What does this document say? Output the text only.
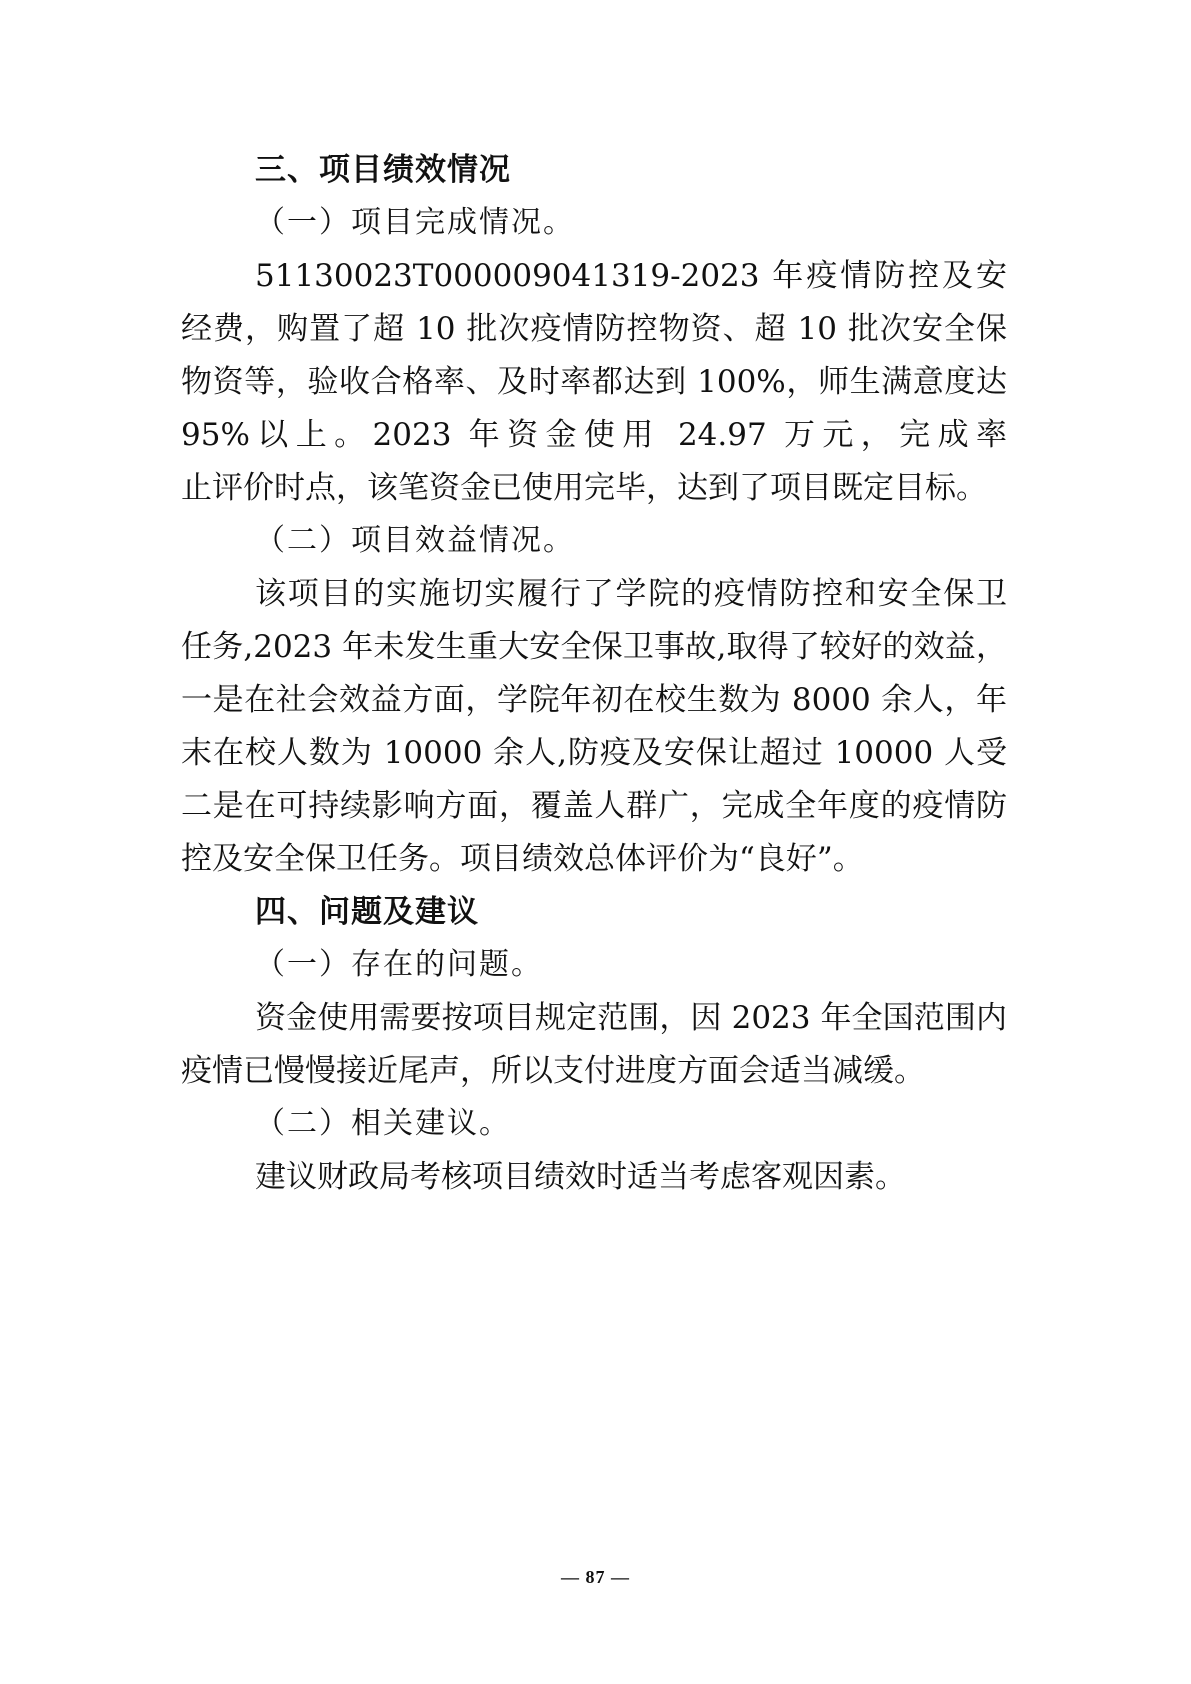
三、项目绩效情况
（一）项目完成情况。
51130023T000009041319-2023 年疫情防控及安
经费，购置了超 10 批次疫情防控物资、超 10 批次安全保
物资等，验收合格率、及时率都达到 100%，师生满意度达
95%以上。2023 年资金使用 24.97 万元，完成率
止评价时点，该笔资金已使用完毕，达到了项目既定目标。
（二）项目效益情况。
该项目的实施切实履行了学院的疫情防控和安全保卫
任务,2023 年未发生重大安全保卫事故,取得了较好的效益，
一是在社会效益方面，学院年初在校生数为 8000 余人，年
末在校人数为 10000 余人,防疫及安保让超过 10000 人受
二是在可持续影响方面，覆盖人群广，完成全年度的疫情防
控及安全保卫任务。项目绩效总体评价为“良好”。
四、问题及建议
（一）存在的问题。
资金使用需要按项目规定范围，因 2023 年全国范围内
疫情已慢慢接近尾声，所以支付进度方面会适当减缓。
（二）相关建议。
建议财政局考核项目绩效时适当考虑客观因素。
— 87 —
